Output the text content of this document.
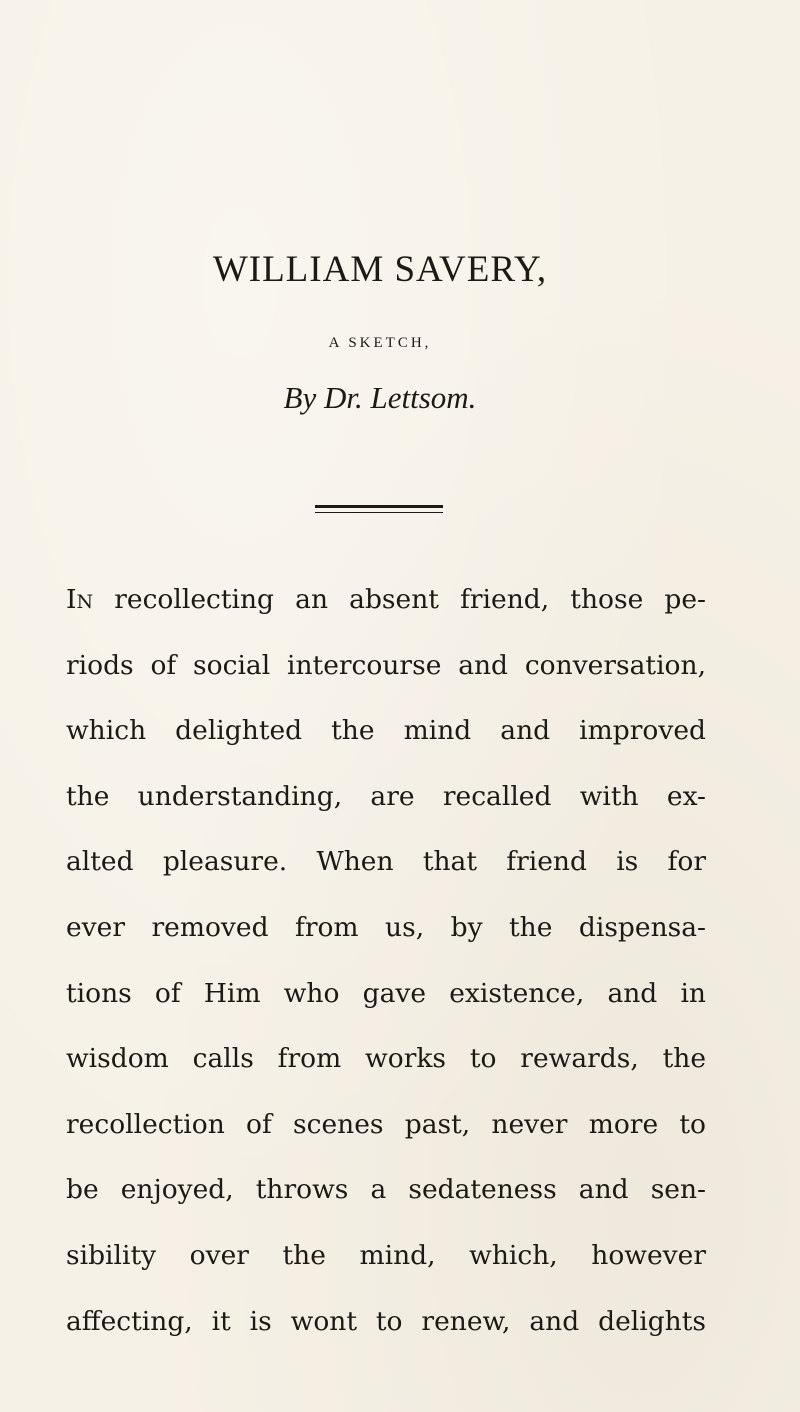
WILLIAM SAVERY,
A SKETCH,
By Dr. Lettsom.
In recollecting an absent friend, those pe-
riods of social intercourse and conversation,
which delighted the mind and improved
the understanding, are recalled with ex-
alted pleasure. When that friend is for
ever removed from us, by the dispensa-
tions of Him who gave existence, and in
wisdom calls from works to rewards, the
recollection of scenes past, never more to
be enjoyed, throws a sedateness and sen-
sibility over the mind, which, however
affecting, it is wont to renew, and delights
